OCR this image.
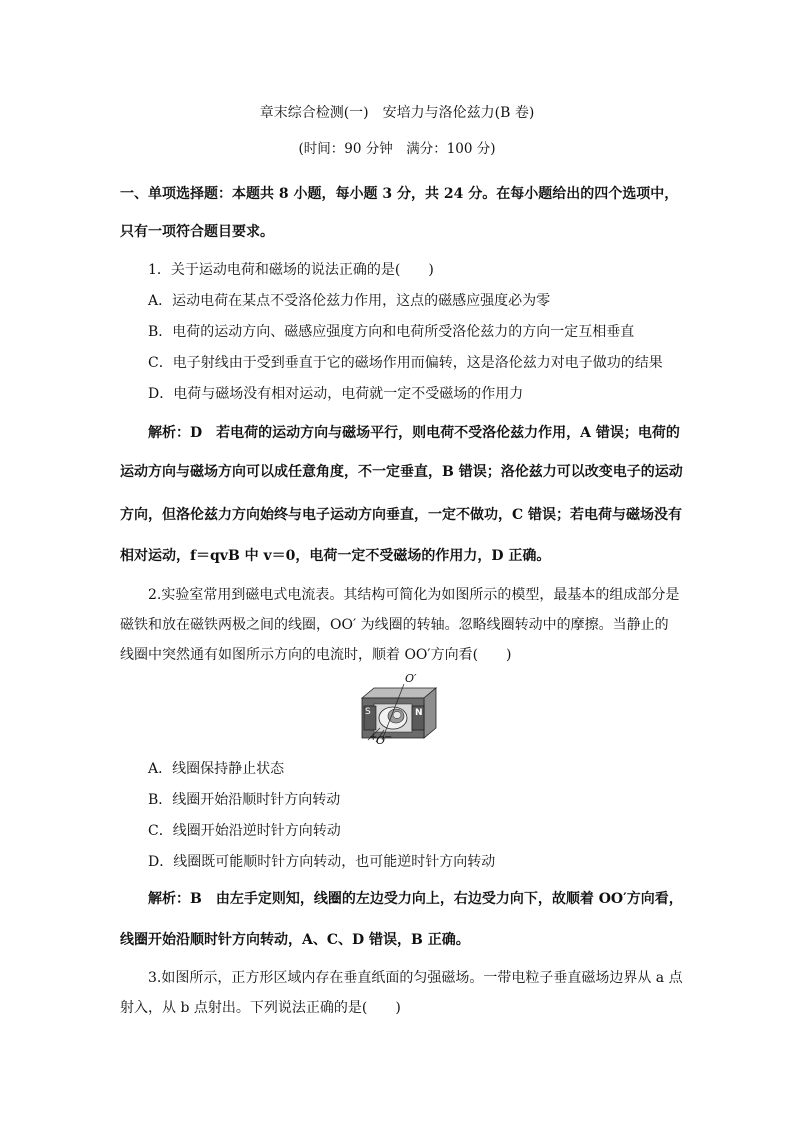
章末综合检测(一)　安培力与洛伦兹力(B 卷)
(时间：90 分钟　满分：100 分)
一、单项选择题：本题共 8 小题，每小题 3 分，共 24 分。在每小题给出的四个选项中，
只有一项符合题目要求。
1．关于运动电荷和磁场的说法正确的是(　　)
A．运动电荷在某点不受洛伦兹力作用，这点的磁感应强度必为零
B．电荷的运动方向、磁感应强度方向和电荷所受洛伦兹力的方向一定互相垂直
C．电子射线由于受到垂直于它的磁场作用而偏转，这是洛伦兹力对电子做功的结果
D．电荷与磁场没有相对运动，电荷就一定不受磁场的作用力
解析：D　若电荷的运动方向与磁场平行，则电荷不受洛伦兹力作用，A 错误；电荷的
运动方向与磁场方向可以成任意角度，不一定垂直，B 错误；洛伦兹力可以改变电子的运动
方向，但洛伦兹力方向始终与电子运动方向垂直，一定不做功，C 错误；若电荷与磁场没有
相对运动，f＝qvB 中 v＝0，电荷一定不受磁场的作用力，D 正确。
2.实验室常用到磁电式电流表。其结构可简化为如图所示的模型，最基本的组成部分是
磁铁和放在磁铁两极之间的线圈，OO′ 为线圈的转轴。忽略线圈转动中的摩擦。当静止的
线圈中突然通有如图所示方向的电流时，顺着 OO′方向看(　　)
S	N
O′
+
O
−
A．线圈保持静止状态
B．线圈开始沿顺时针方向转动
C．线圈开始沿逆时针方向转动
D．线圈既可能顺时针方向转动，也可能逆时针方向转动
解析：B　由左手定则知，线圈的左边受力向上，右边受力向下，故顺着 OO′方向看，
线圈开始沿顺时针方向转动，A、C、D 错误，B 正确。
3.如图所示，正方形区域内存在垂直纸面的匀强磁场。一带电粒子垂直磁场边界从 a 点
射入，从 b 点射出。下列说法正确的是(　　)
